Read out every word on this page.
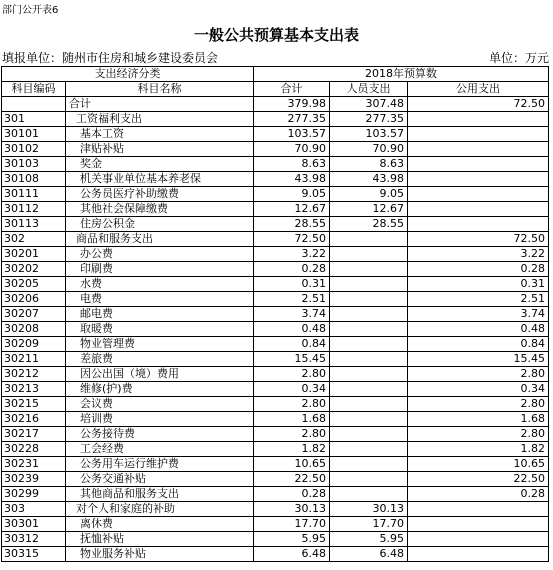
部门公开表6
一般公共预算基本支出表
填报单位：随州市住房和城乡建设委员会	单位：万元
支出经济分类		2018年预算数		
科目编码	科目名称	合计	人员支出	公用支出
	合计	379.98	307.48	72.50
301	工资福利支出	277.35	277.35	
30101	基本工资	103.57	103.57	
30102	津贴补贴	70.90	70.90	
30103	奖金	8.63	8.63	
30108	机关事业单位基本养老保	43.98	43.98	
30111	公务员医疗补助缴费	9.05	9.05	
30112	其他社会保障缴费	12.67	12.67	
30113	住房公积金	28.55	28.55	
302	商品和服务支出	72.50		72.50
30201	办公费	3.22		3.22
30202	印刷费	0.28		0.28
30205	水费	0.31		0.31
30206	电费	2.51		2.51
30207	邮电费	3.74		3.74
30208	取暖费	0.48		0.48
30209	物业管理费	0.84		0.84
30211	差旅费	15.45		15.45
30212	因公出国（境）费用	2.80		2.80
30213	维修(护)费	0.34		0.34
30215	会议费	2.80		2.80
30216	培训费	1.68		1.68
30217	公务接待费	2.80		2.80
30228	工会经费	1.82		1.82
30231	公务用车运行维护费	10.65		10.65
30239	公务交通补贴	22.50		22.50
30299	其他商品和服务支出	0.28		0.28
303	对个人和家庭的补助	30.13	30.13	
30301	离休费	17.70	17.70	
30312	抚恤补贴	5.95	5.95	
30315	物业服务补贴	6.48	6.48	
